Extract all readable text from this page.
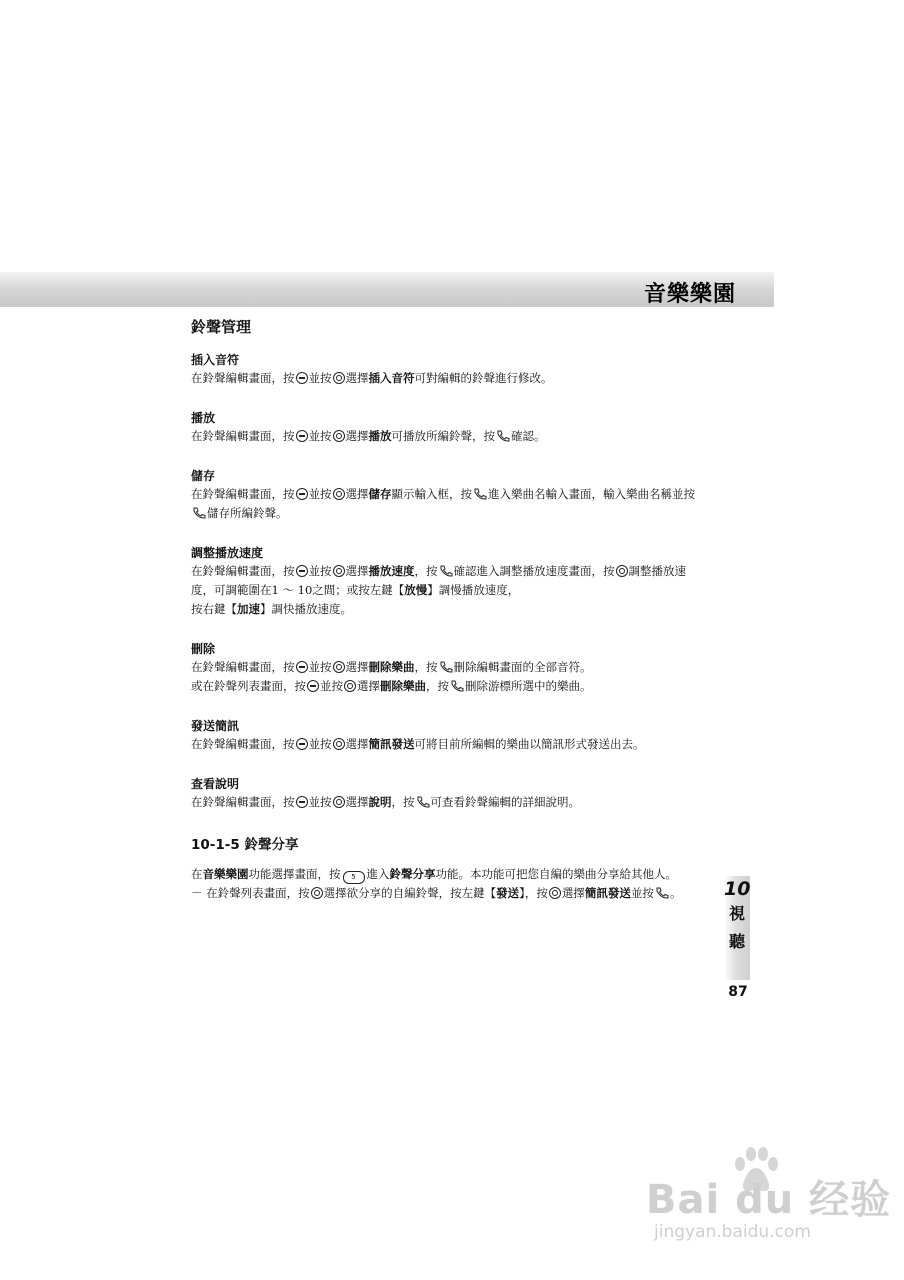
音樂樂園
鈴聲管理
插入音符
在鈴聲編輯畫面，按 並按 選擇插入音符可對編輯的鈴聲進行修改。
播放
在鈴聲編輯畫面，按 並按 選擇播放可播放所編鈴聲，按 確認。
儲存
在鈴聲編輯畫面，按 並按 選擇儲存顯示輸入框，按 進入樂曲名輸入畫面，輸入樂曲名稱並按
儲存所編鈴聲。
調整播放速度
在鈴聲編輯畫面，按 並按 選擇播放速度，按 確認進入調整播放速度畫面，按 調整播放速
度，可調範圍在1 ～ 10之間；或按左鍵【放慢】調慢播放速度，
按右鍵【加速】調快播放速度。
刪除
在鈴聲編輯畫面，按 並按 選擇刪除樂曲，按 刪除編輯畫面的全部音符。
或在鈴聲列表畫面，按 並按 選擇刪除樂曲，按 刪除游標所選中的樂曲。
發送簡訊
在鈴聲編輯畫面，按 並按 選擇簡訊發送可將目前所編輯的樂曲以簡訊形式發送出去。
查看說明
在鈴聲編輯畫面，按 並按 選擇說明，按 可查看鈴聲編輯的詳細說明。
10-1-5 鈴聲分享
在音樂樂園功能選擇畫面，按 5 進入鈴聲分享功能。本功能可把您自編的樂曲分享給其他人。
－ 在鈴聲列表畫面，按 選擇欲分享的自編鈴聲，按左鍵【發送】，按 選擇簡訊發送並按 。	10
視
聽
87
Bai du 经验
jingyan.baidu.com
